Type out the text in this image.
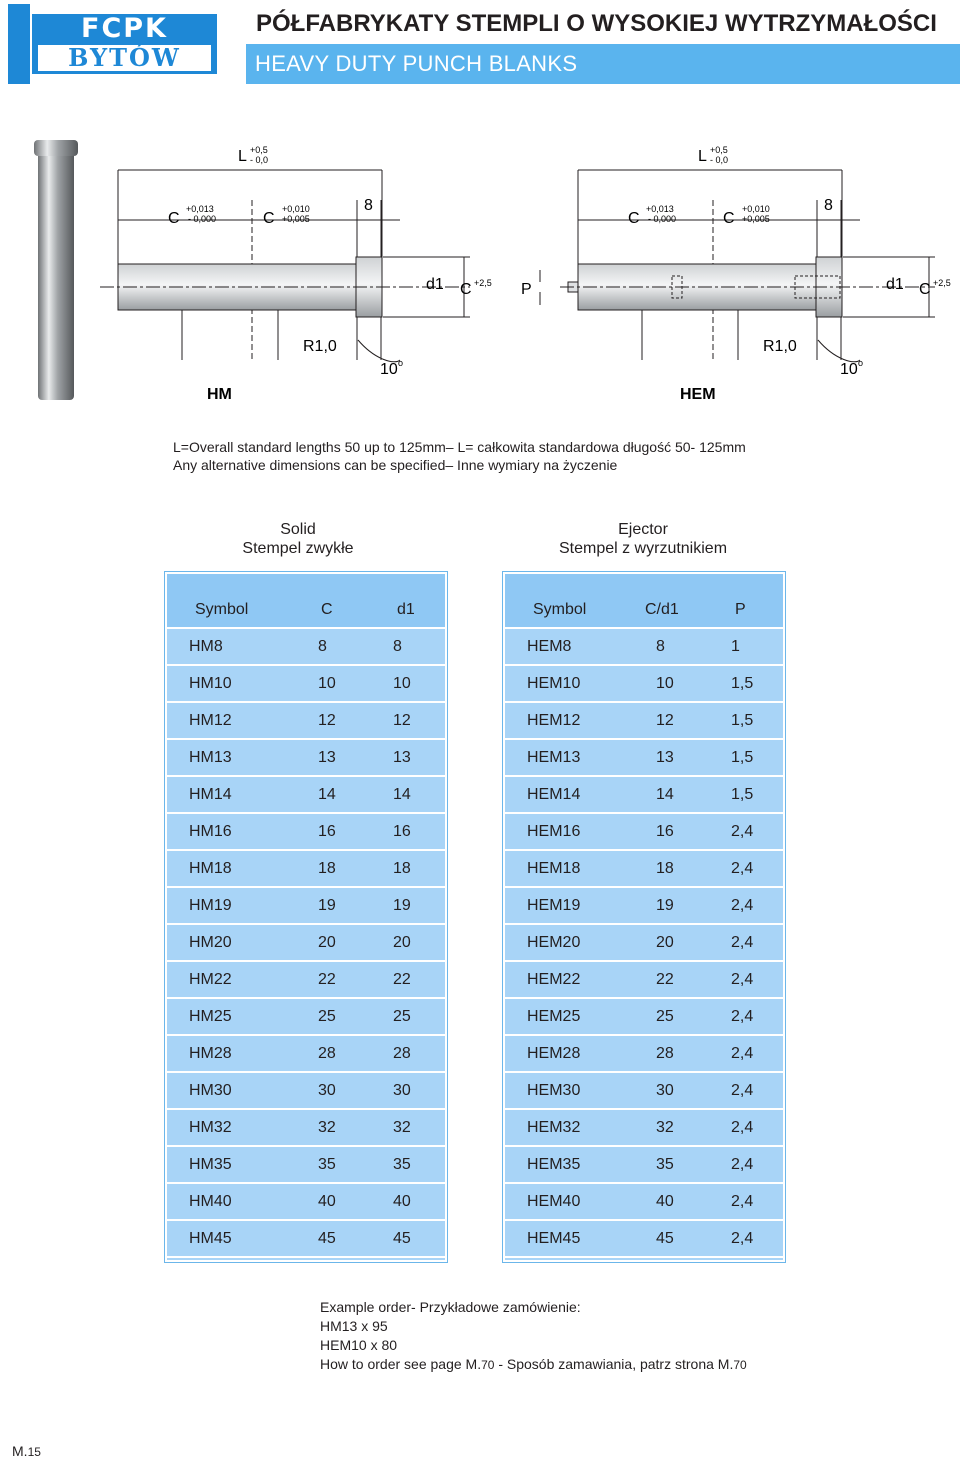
FCPK
BYTÓW
PÓŁFABRYKATY STEMPLI O WYSOKIEJ WYTRZYMAŁOŚCI
HEAVY DUTY PUNCH BLANKS
L +0,5
- 0,0
C
+0,013
- 0,000	C
+0,010
+0,005
8
d1 C +2,5
R1,0
10 o
HM
L +0,5
- 0,0
C
+0,013
- 0,000	C
+0,010
+0,005
8
P	d1 C +2,5
R1,0
10 o
HEM
L=Overall standard lengths 50 up to 125mm– L= całkowita standardowa długość 50- 125mm
Any alternative dimensions can be specified– Inne wymiary na życzenie
Solid
Stempel zwykłe
Ejector
Stempel z wyrzutnikiem
Symbol	C	d1
HM8	8	8
HM10	10	10
HM12	12	12
HM13	13	13
HM14	14	14
HM16	16	16
HM18	18	18
HM19	19	19
HM20	20	20
HM22	22	22
HM25	25	25
HM28	28	28
HM30	30	30
HM32	32	32
HM35	35	35
HM40	40	40
HM45	45	45
Symbol	C/d1	P
HEM8	8	1
HEM10	10	1,5
HEM12	12	1,5
HEM13	13	1,5
HEM14	14	1,5
HEM16	16	2,4
HEM18	18	2,4
HEM19	19	2,4
HEM20	20	2,4
HEM22	22	2,4
HEM25	25	2,4
HEM28	28	2,4
HEM30	30	2,4
HEM32	32	2,4
HEM35	35	2,4
HEM40	40	2,4
HEM45	45	2,4
Example order- Przykładowe zamówienie:
HM13 x 95
HEM10 x 80
How to order see page M.70 - Sposób zamawiania, patrz strona M.70
M.15
